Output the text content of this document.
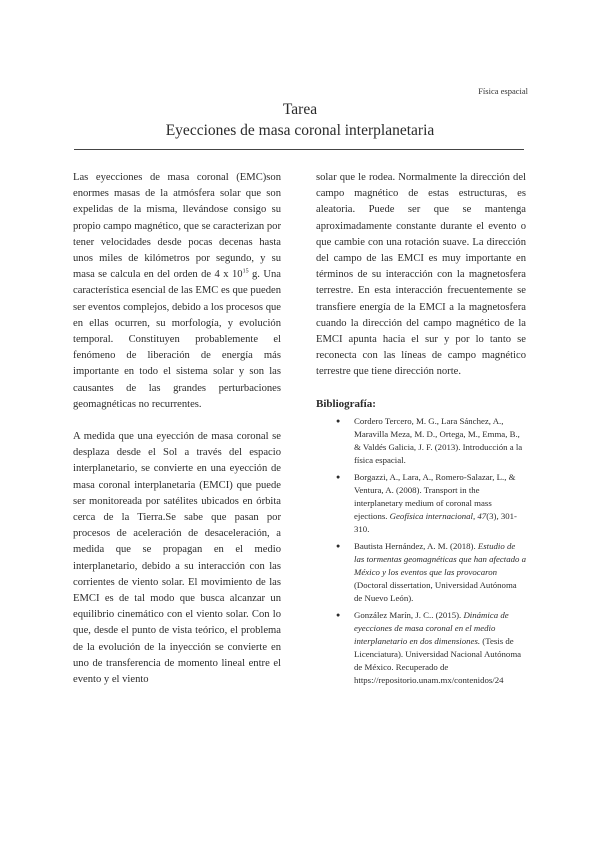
Física espacial
Tarea
Eyecciones de masa coronal interplanetaria

Las eyecciones de masa coronal (EMC)son enormes masas de la atmósfera solar que son expelidas de la misma, llevándose consigo su propio campo magnético, que se caracterizan por tener velocidades desde pocas decenas hasta unos miles de kilómetros por segundo, y su masa se calcula en del orden de 4 x $10^{15}$ g. Una característica esencial de las EMC es que pueden ser eventos complejos, debido a los procesos que en ellas ocurren, su morfología, y evolución temporal. Constituyen probablemente el fenómeno de liberación de energía más importante en todo el sistema solar y son las causantes de las grandes perturbaciones geomagnéticas no recurrentes.

A medida que una eyección de masa coronal se desplaza desde el Sol a través del espacio interplanetario, se convierte en una eyección de masa coronal interplanetaria (EMCI) que puede ser monitoreada por satélites ubicados en órbita cerca de la Tierra.Se sabe que pasan por procesos de aceleración de desaceleración, a medida que se propagan en el medio interplanetario, debido a su interacción con las corrientes de viento solar. El movimiento de las EMCI es de tal modo que busca alcanzar un equilibrio cinemático con el viento solar. Con lo que, desde el punto de vista teórico, el problema de la evolución de la inyección se convierte en uno de transferencia de momento lineal entre el evento y el viento

solar que le rodea. Normalmente la dirección del campo magnético de estas estructuras, es aleatoria. Puede ser que se mantenga aproximadamente constante durante el evento o que cambie con una rotación suave. La dirección del campo de las EMCI es muy importante en términos de su interacción con la magnetosfera terrestre. En esta interacción frecuentemente se transfiere energía de la EMCI a la magnetosfera cuando la dirección del campo magnético de la EMCI apunta hacia el sur y por lo tanto se reconecta con las líneas de campo magnético terrestre que tiene dirección norte.

Bibliografía:
● Cordero Tercero, M. G., Lara Sánchez, A., Maravilla Meza, M. D., Ortega, M., Emma, B., & Valdés Galicia, J. F. (2013). Introducción a la física espacial.
● Borgazzi, A., Lara, A., Romero-Salazar, L., & Ventura, A. (2008). Transport in the interplanetary medium of coronal mass ejections. Geofísica internacional, 47(3), 301-310.
● Bautista Hernández, A. M. (2018). Estudio de las tormentas geomagnéticas que han afectado a México y los eventos que las provocaron (Doctoral dissertation, Universidad Autónoma de Nuevo León).
● González Marín, J. C.. (2015). Dinámica de eyecciones de masa coronal en el medio interplanetario en dos dimensiones. (Tesis de Licenciatura). Universidad Nacional Autónoma de México. Recuperado de https://repositorio.unam.mx/contenidos/24
